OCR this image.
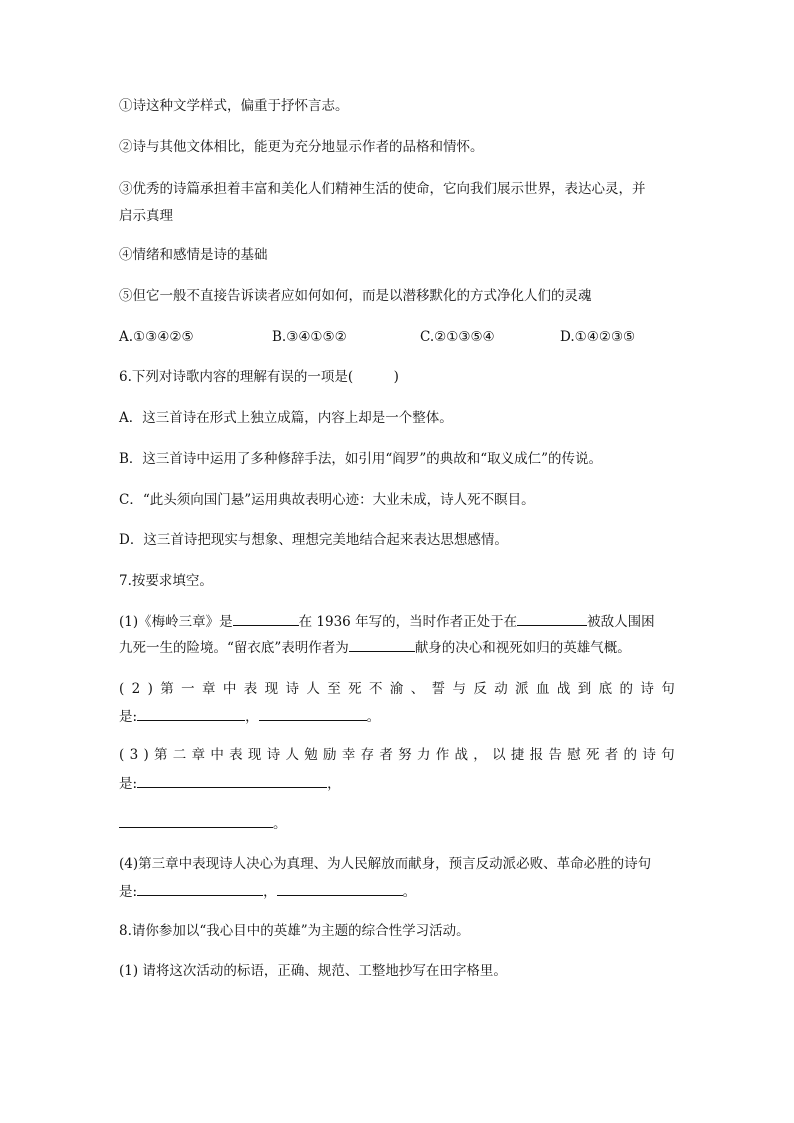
①诗这种文学样式，偏重于抒怀言志。
②诗与其他文体相比，能更为充分地显示作者的品格和情怀。
③优秀的诗篇承担着丰富和美化人们精神生活的使命，它向我们展示世界，表达心灵，并
启示真理
④情绪和感情是诗的基础
⑤但它一般不直接告诉读者应如何如何，而是以潜移默化的方式净化人们的灵魂
A.①③④②⑤	B.③④①⑤②	C.②①③⑤④	D.①④②③⑤
6.下列对诗歌内容的理解有误的一项是(　　　)
A．这三首诗在形式上独立成篇，内容上却是一个整体。
B．这三首诗中运用了多种修辞手法，如引用“阎罗”的典故和“取义成仁”的传说。
C．“此头须向国门悬”运用典故表明心迹：大业未成，诗人死不瞑目。
D．这三首诗把现实与想象、理想完美地结合起来表达思想感情。
7.按要求填空。
(1)《梅岭三章》是	在 1936 年写的，当时作者正处于在	被敌人围困
九死一生的险境。“留衣底”表明作者为	献身的决心和视死如归的英雄气概。
( 2 ) 第 一 章 中 表 现 诗 人 至 死 不 渝 、 誓 与 反 动 派 血 战 到 底 的 诗 句
是:	，	。
( 3 ) 第 二 章 中 表 现 诗 人 勉 励 幸 存 者 努 力 作 战 ， 以 捷 报 告 慰 死 者 的 诗 句
是:	，
。
(4)第三章中表现诗人决心为真理、为人民解放而献身，预言反动派必败、革命必胜的诗句
是:	，	。
8.请你参加以“我心目中的英雄”为主题的综合性学习活动。
(1) 请将这次活动的标语，正确、规范、工整地抄写在田字格里。
